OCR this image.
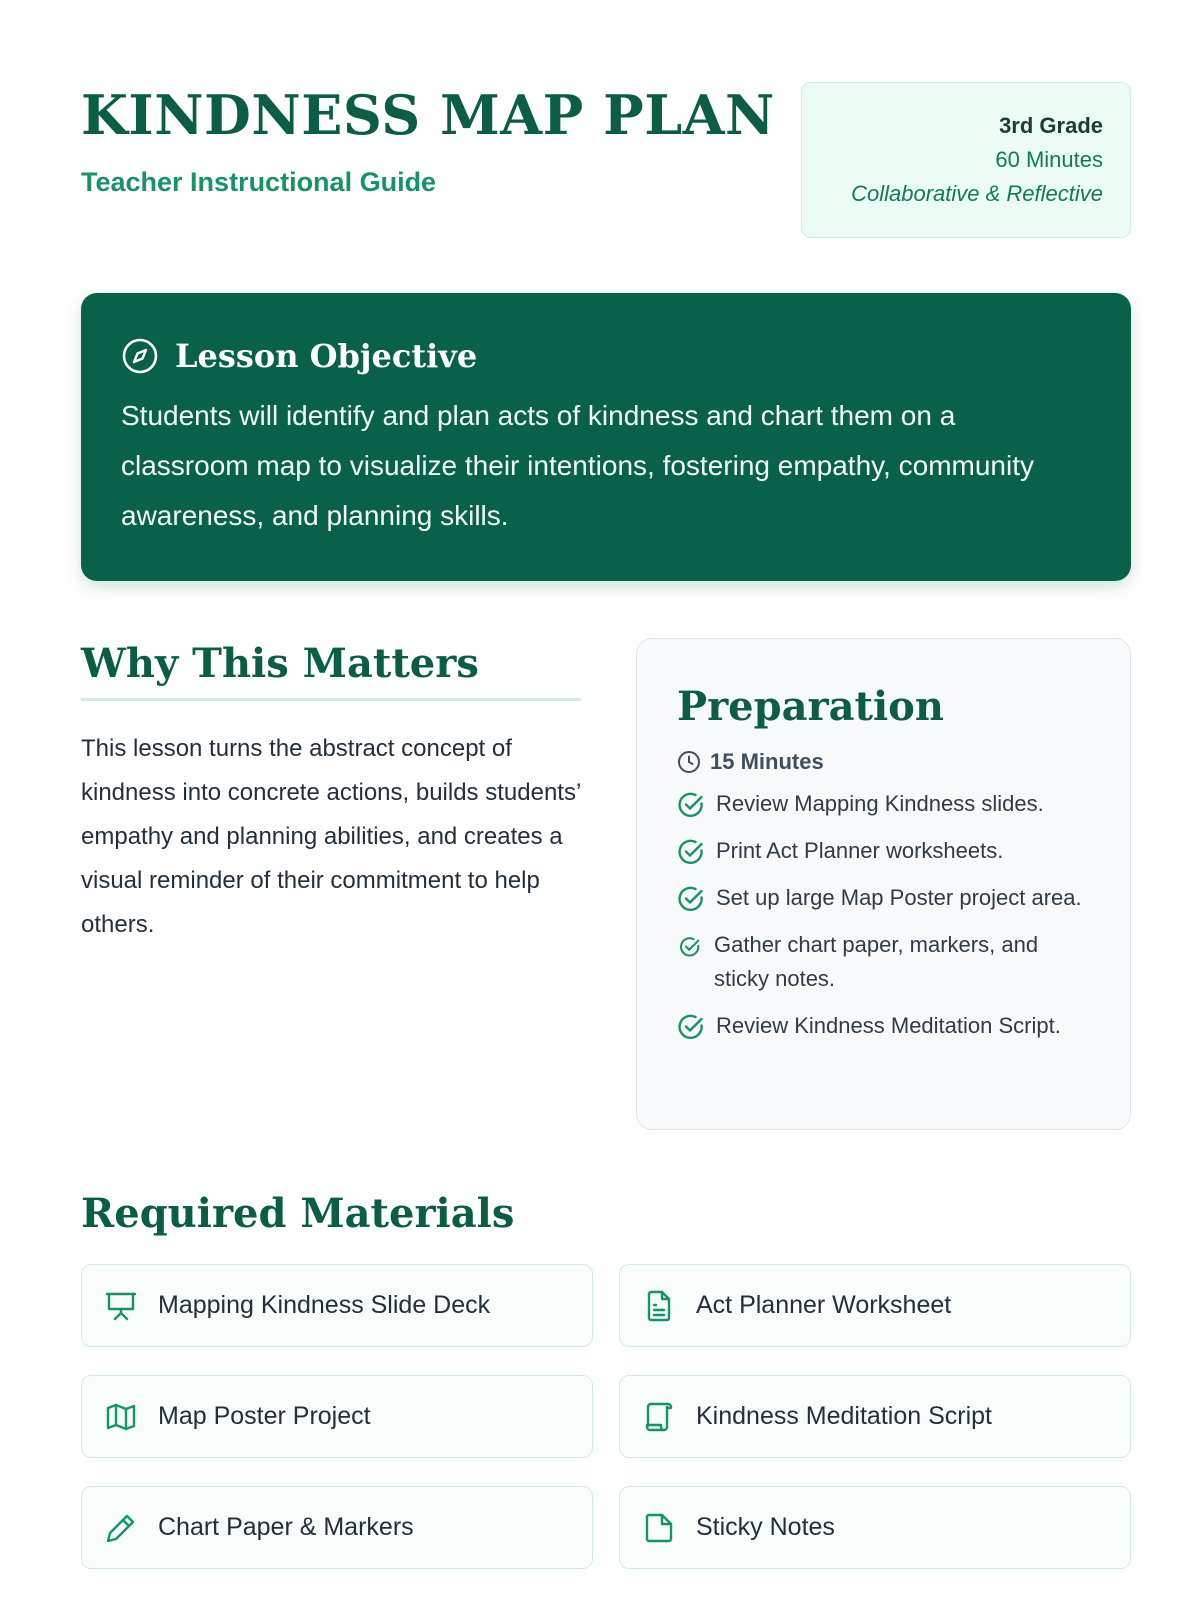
KINDNESS MAP PLAN
Teacher Instructional Guide
3rd Grade
60 Minutes
Collaborative & Reflective
Lesson Objective

Students will identify and plan acts of kindness and chart them on a classroom map to visualize their intentions, fostering empathy, community awareness, and planning skills.

Why This Matters

This lesson turns the abstract concept of kindness into concrete actions, builds students’ empathy and planning abilities, and creates a visual reminder of their commitment to help others.

Preparation
15 Minutes
Review Mapping Kindness slides.
Print Act Planner worksheets.
Set up large Map Poster project area.
Gather chart paper, markers, and sticky notes.
Review Kindness Meditation Script.
Required Materials
Mapping Kindness Slide Deck	Act Planner Worksheet
Map Poster Project	Kindness Meditation Script
Chart Paper & Markers	Sticky Notes
